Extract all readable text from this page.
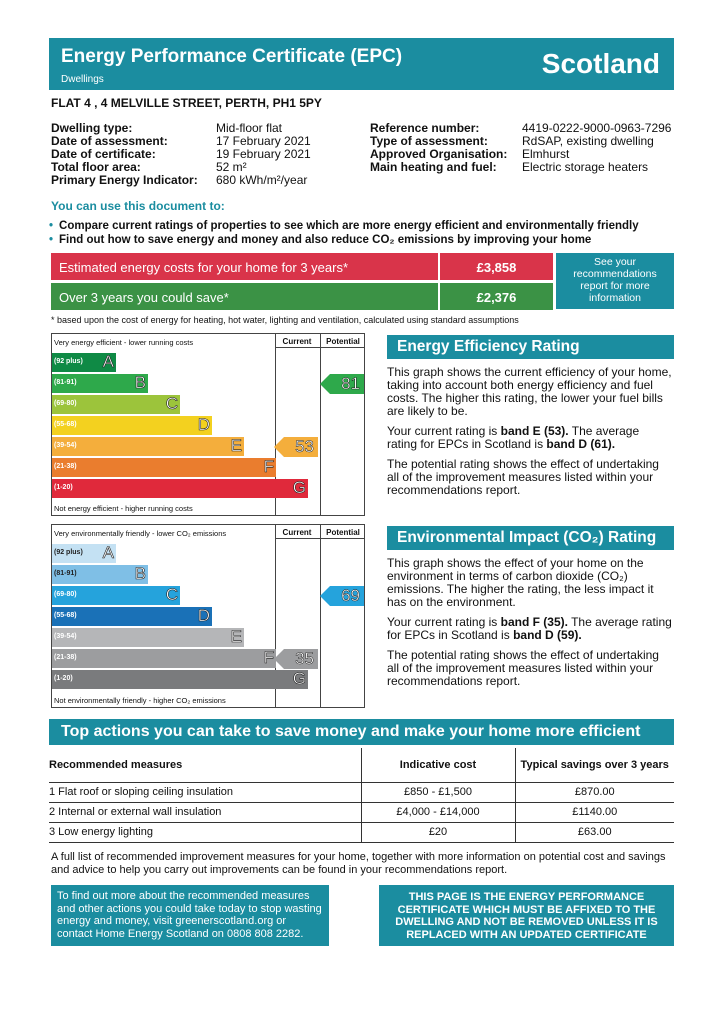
Energy Performance Certificate (EPC)
Dwellings
Scotland
FLAT 4 , 4 MELVILLE STREET, PERTH, PH1 5PY
Dwelling type:	Mid-floor flat
Date of assessment:	17 February 2021
Date of certificate:	19 February 2021
Total floor area:	52 m²
Primary Energy Indicator: 680 kWh/m²/year
Reference number:	4419-0222-9000-0963-7296
Type of assessment:	RdSAP, existing dwelling
Approved Organisation: Elmhurst
Main heating and fuel: Electric storage heaters
You can use this document to:
• Compare current ratings of properties to see which are more energy efficient and environmentally friendly
• Find out how to save energy and money and also reduce CO₂ emissions by improving your home
Estimated energy costs for your home for 3 years*	£3,858
Over 3 years you could save*	£2,376
See your recommendations report for more information
* based upon the cost of energy for heating, hot water, lighting and ventilation, calculated using standard assumptions
Very energy efficient - lower running costs
Not energy efficient - higher running costs
Current	Potential
(92 plus) A
(81-91)	B
(69-80)	C
(55-68)	D
(39-54)	E
(21-38)	F
(1-20)	G
53
81
Energy Efficiency Rating

This graph shows the current efficiency of your home, taking into account both energy efficiency and fuel costs. The higher this rating, the lower your fuel bills are likely to be.

Your current rating is band E (53). The average rating for EPCs in Scotland is band D (61).

The potential rating shows the effect of undertaking all of the improvement measures listed within your recommendations report.

Very environmentally friendly - lower CO₂ emissions
Not environmentally friendly - higher CO₂ emissions
Current	Potential
(92 plus) A
(81-91)	B
(69-80)	C
(55-68)	D
(39-54)	E
(21-38)	F
(1-20)	G
35
69
Environmental Impact (CO₂) Rating

This graph shows the effect of your home on the environment in terms of carbon dioxide (CO₂) emissions. The higher the rating, the less impact it has on the environment.

Your current rating is band F (35). The average rating for EPCs in Scotland is band D (59).

The potential rating shows the effect of undertaking all of the improvement measures listed within your recommendations report.

Top actions you can take to save money and make your home more efficient
Recommended measures	Indicative cost	Typical savings over 3 years
1 Flat roof or sloping ceiling insulation	£850 - £1,500	£870.00
2 Internal or external wall insulation	£4,000 - £14,000	£1140.00
3 Low energy lighting	£20	£63.00
A full list of recommended improvement measures for your home, together with more information on potential cost and savings and advice to help you carry out improvements can be found in your recommendations report.
To find out more about the recommended measures and other actions you could take today to stop wasting energy and money, visit greenerscotland.org or contact Home Energy Scotland on 0808 808 2282.
THIS PAGE IS THE ENERGY PERFORMANCE CERTIFICATE WHICH MUST BE AFFIXED TO THE DWELLING AND NOT BE REMOVED UNLESS IT IS REPLACED WITH AN UPDATED CERTIFICATE
